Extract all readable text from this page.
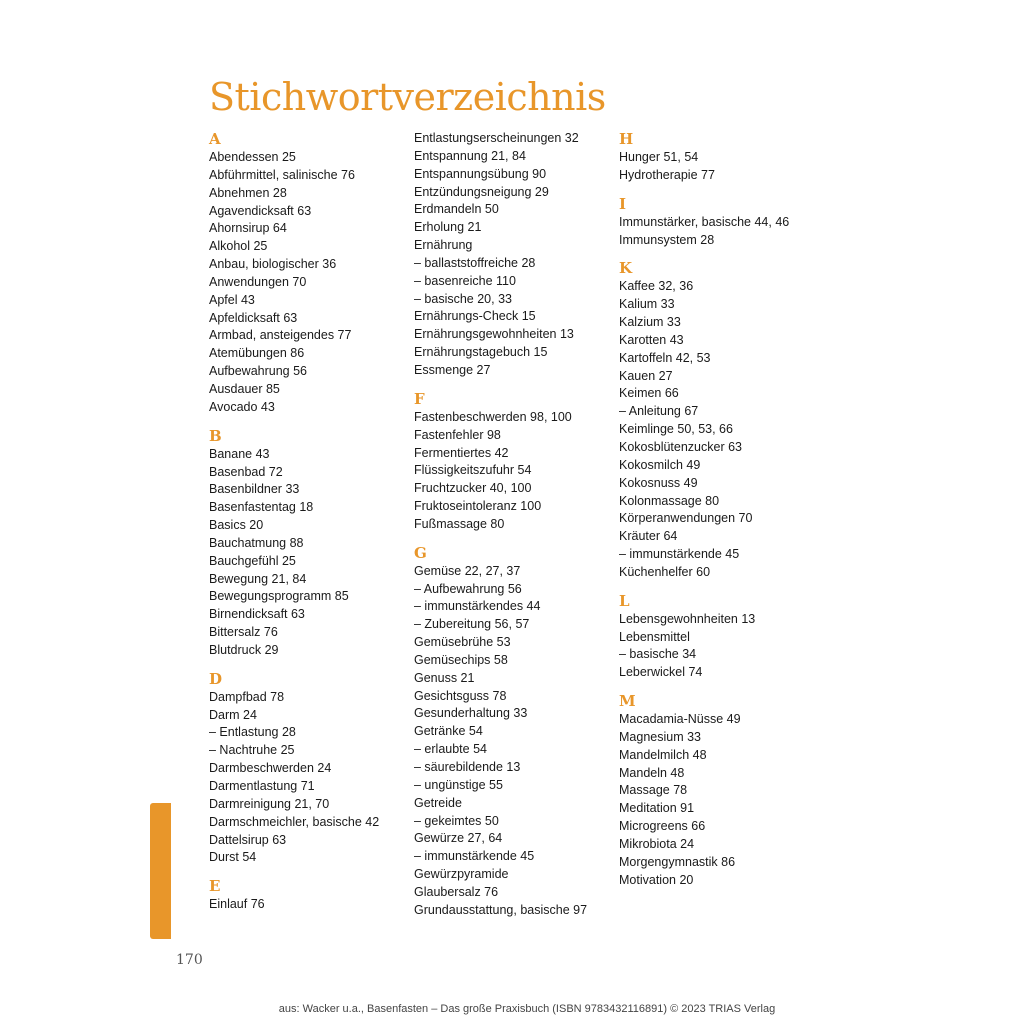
Stichwortverzeichnis
A
Abendessen 25
Abführmittel, salinische 76
Abnehmen 28
Agavendicksaft 63
Ahornsirup 64
Alkohol 25
Anbau, biologischer 36
Anwendungen 70
Apfel 43
Apfeldicksaft 63
Armbad, ansteigendes 77
Atemübungen 86
Aufbewahrung 56
Ausdauer 85
Avocado 43
B
Banane 43
Basenbad 72
Basenbildner 33
Basenfastentag 18
Basics 20
Bauchatmung 88
Bauchgefühl 25
Bewegung 21, 84
Bewegungsprogramm 85
Birnendicksaft 63
Bittersalz 76
Blutdruck 29
D
Dampfbad 78
Darm 24
– Entlastung 28
– Nachtruhe 25
Darmbeschwerden 24
Darmentlastung 71
Darmreinigung 21, 70
Darmschmeichler, basische 42
Dattelsirup 63
Durst 54
E
Einlauf 76
Entlastungserscheinungen 32
Entspannung 21, 84
Entspannungsübung 90
Entzündungsneigung 29
Erdmandeln 50
Erholung 21
Ernährung
– ballaststoffreiche 28
– basenreiche 110
– basische 20, 33
Ernährungs-Check 15
Ernährungsgewohnheiten 13
Ernährungstagebuch 15
Essmenge 27
F
Fastenbeschwerden 98, 100
Fastenfehler 98
Fermentiertes 42
Flüssigkeitszufuhr 54
Fruchtzucker 40, 100
Fruktoseintoleranz 100
Fußmassage 80
G
Gemüse 22, 27, 37
– Aufbewahrung 56
– immunstärkendes 44
– Zubereitung 56, 57
Gemüsebrühe 53
Gemüsechips 58
Genuss 21
Gesichtsguss 78
Gesunderhaltung 33
Getränke 54
– erlaubte 54
– säurebildende 13
– ungünstige 55
Getreide
– gekeimtes 50
Gewürze 27, 64
– immunstärkende 45
Gewürzpyramide
Glaubersalz 76
Grundausstattung, basische 97
H
Hunger 51, 54
Hydrotherapie 77
I
Immunstärker, basische 44, 46
Immunsystem 28
K
Kaffee 32, 36
Kalium 33
Kalzium 33
Karotten 43
Kartoffeln 42, 53
Kauen 27
Keimen 66
– Anleitung 67
Keimlinge 50, 53, 66
Kokosblütenzucker 63
Kokosmilch 49
Kokosnuss 49
Kolonmassage 80
Körperanwendungen 70
Kräuter 64
– immunstärkende 45
Küchenhelfer 60
L
Lebensgewohnheiten 13
Lebensmittel
– basische 34
Leberwickel 74
M
Macadamia-Nüsse 49
Magnesium 33
Mandelmilch 48
Mandeln 48
Massage 78
Meditation 91
Microgreens 66
Mikrobiota 24
Morgengymnastik 86
Motivation 20
170
aus: Wacker u.a., Basenfasten – Das große Praxisbuch (ISBN 9783432116891) © 2023 TRIAS Verlag
